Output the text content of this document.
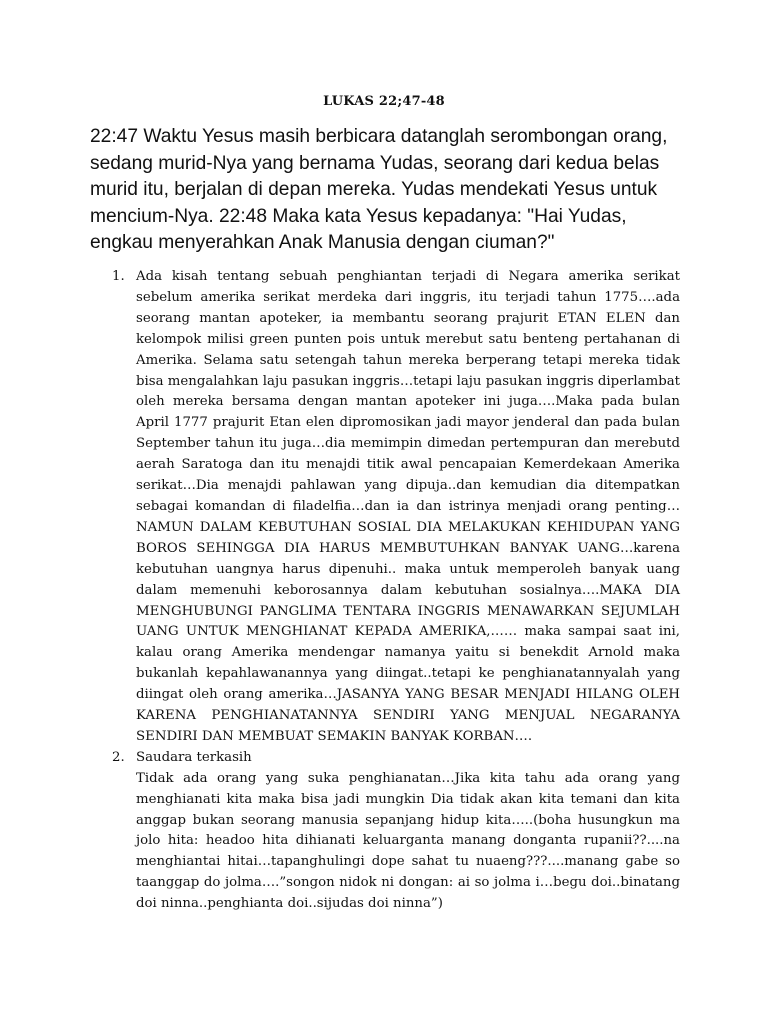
LUKAS 22;47-48

22:47 Waktu Yesus masih berbicara datanglah serombongan orang, sedang murid-Nya yang bernama Yudas, seorang dari kedua belas murid itu, berjalan di depan mereka. Yudas mendekati Yesus untuk mencium-Nya. 22:48 Maka kata Yesus kepadanya: "Hai Yudas, engkau menyerahkan Anak Manusia dengan ciuman?"

1. Ada kisah tentang sebuah penghiantan terjadi di Negara amerika serikat sebelum amerika serikat merdeka dari inggris, itu terjadi tahun 1775….ada seorang mantan apoteker, ia membantu seorang prajurit ETAN ELEN dan kelompok milisi green punten pois untuk merebut satu benteng pertahanan di Amerika. Selama satu setengah tahun mereka berperang tetapi mereka tidak bisa mengalahkan laju pasukan inggris…tetapi laju pasukan inggris diperlambat oleh mereka bersama dengan mantan apoteker ini juga….Maka pada bulan April 1777 prajurit Etan elen dipromosikan jadi mayor jenderal dan pada bulan September tahun itu juga…dia memimpin dimedan pertempuran dan merebutd aerah Saratoga dan itu menajdi titik awal pencapaian Kemerdekaan Amerika serikat…Dia menajdi pahlawan yang dipuja..dan kemudian dia ditempatkan sebagai komandan di filadelfia…dan ia dan istrinya menjadi orang penting…NAMUN DALAM KEBUTUHAN SOSIAL DIA MELAKUKAN KEHIDUPAN YANG BOROS SEHINGGA DIA HARUS MEMBUTUHKAN BANYAK UANG…karena kebutuhan uangnya harus dipenuhi.. maka untuk memperoleh banyak uang dalam memenuhi keborosannya dalam kebutuhan sosialnya….MAKA DIA MENGHUBUNGI PANGLIMA TENTARA INGGRIS MENAWARKAN SEJUMLAH UANG UNTUK MENGHIANAT KEPADA AMERIKA,…… maka sampai saat ini, kalau orang Amerika mendengar namanya yaitu si benekdit Arnold maka bukanlah kepahlawanannya yang diingat..tetapi ke penghianatannyalah yang diingat oleh orang amerika…JASANYA YANG BESAR MENJADI HILANG OLEH KARENA PENGHIANATANNYA SENDIRI YANG MENJUAL NEGARANYA SENDIRI DAN MEMBUAT SEMAKIN BANYAK KORBAN….

2. Saudara terkasih

Tidak ada orang yang suka penghianatan…Jika kita tahu ada orang yang menghianati kita maka bisa jadi mungkin Dia tidak akan kita temani dan kita anggap bukan seorang manusia sepanjang hidup kita…..(boha husungkun ma jolo hita: headoo hita dihianati keluarganta manang donganta rupanii??....na menghiantai hitai…tapanghulingi dope sahat tu nuaeng???....manang gabe so taanggap do jolma….”songon nidok ni dongan: ai so jolma i…begu doi..binatang doi ninna..penghianta doi..sijudas doi ninna”)
